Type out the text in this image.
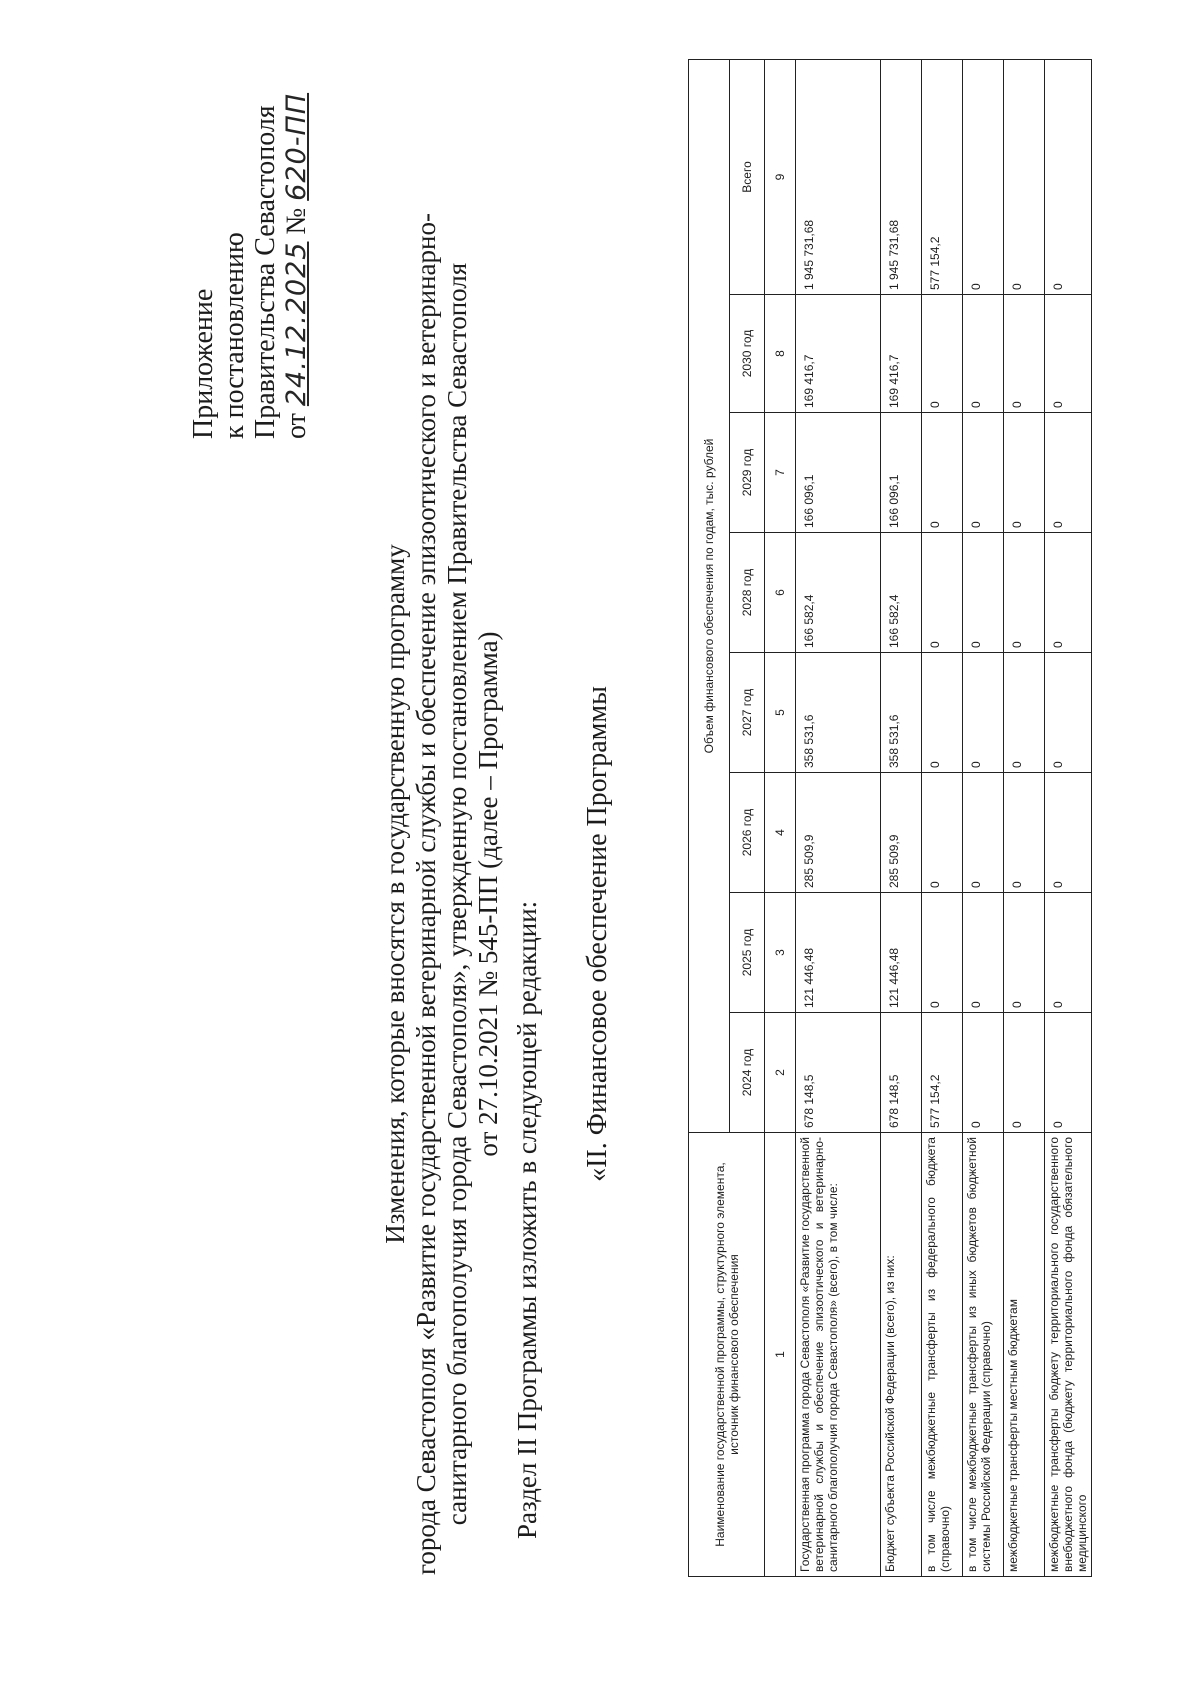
Приложение к постановлению Правительства Севастополя от 24.12.2025 № 620-ПП
Изменения, которые вносятся в государственную программу города Севастополя «Развитие государственной ветеринарной службы и обеспечение эпизоотического и ветеринарно- санитарного благополучия города Севастополя», утвержденную постановлением Правительства Севастополя от 27.10.2021 № 545-ПП (далее – Программа)
Раздел II Программы изложить в следующей редакции: «II. Финансовое обеспечение Программы
Наименование государственной программы, структурного элемента, источник финансового обеспечения	Объем финансового обеспечения по годам, тыс. рублей							
	2024 год	2025 год	2026 год	2027 год	2028 год	2029 год	2030 год	Всего
1	2	3	4	5	6	7	8	9
Государственная программа города Севастополя «Развитие государственной ветеринарной службы и обеспечение эпизоотического и ветеринарно-санитарного благополучия города Севастополя» (всего), в том числе:	678 148,5	121 446,48	285 509,9	358 531,6	166 582,4	166 096,1	169 416,7	1 945 731,68
Бюджет субъекта Российской Федерации (всего), из них:	678 148,5	121 446,48	285 509,9	358 531,6	166 582,4	166 096,1	169 416,7	1 945 731,68
в том числе межбюджетные трансферты из федерального бюджета (справочно)	577 154,2	0	0	0	0	0	0	577 154,2
в том числе межбюджетные трансферты из иных бюджетов бюджетной системы Российской Федерации (справочно)	0	0	0	0	0	0	0	0
межбюджетные трансферты местным бюджетам	0	0	0	0	0	0	0	0
межбюджетные трансферты бюджету территориального государственного внебюджетного фонда (бюджету территориального фонда обязательного медицинского	0	0	0	0	0	0	0	0
